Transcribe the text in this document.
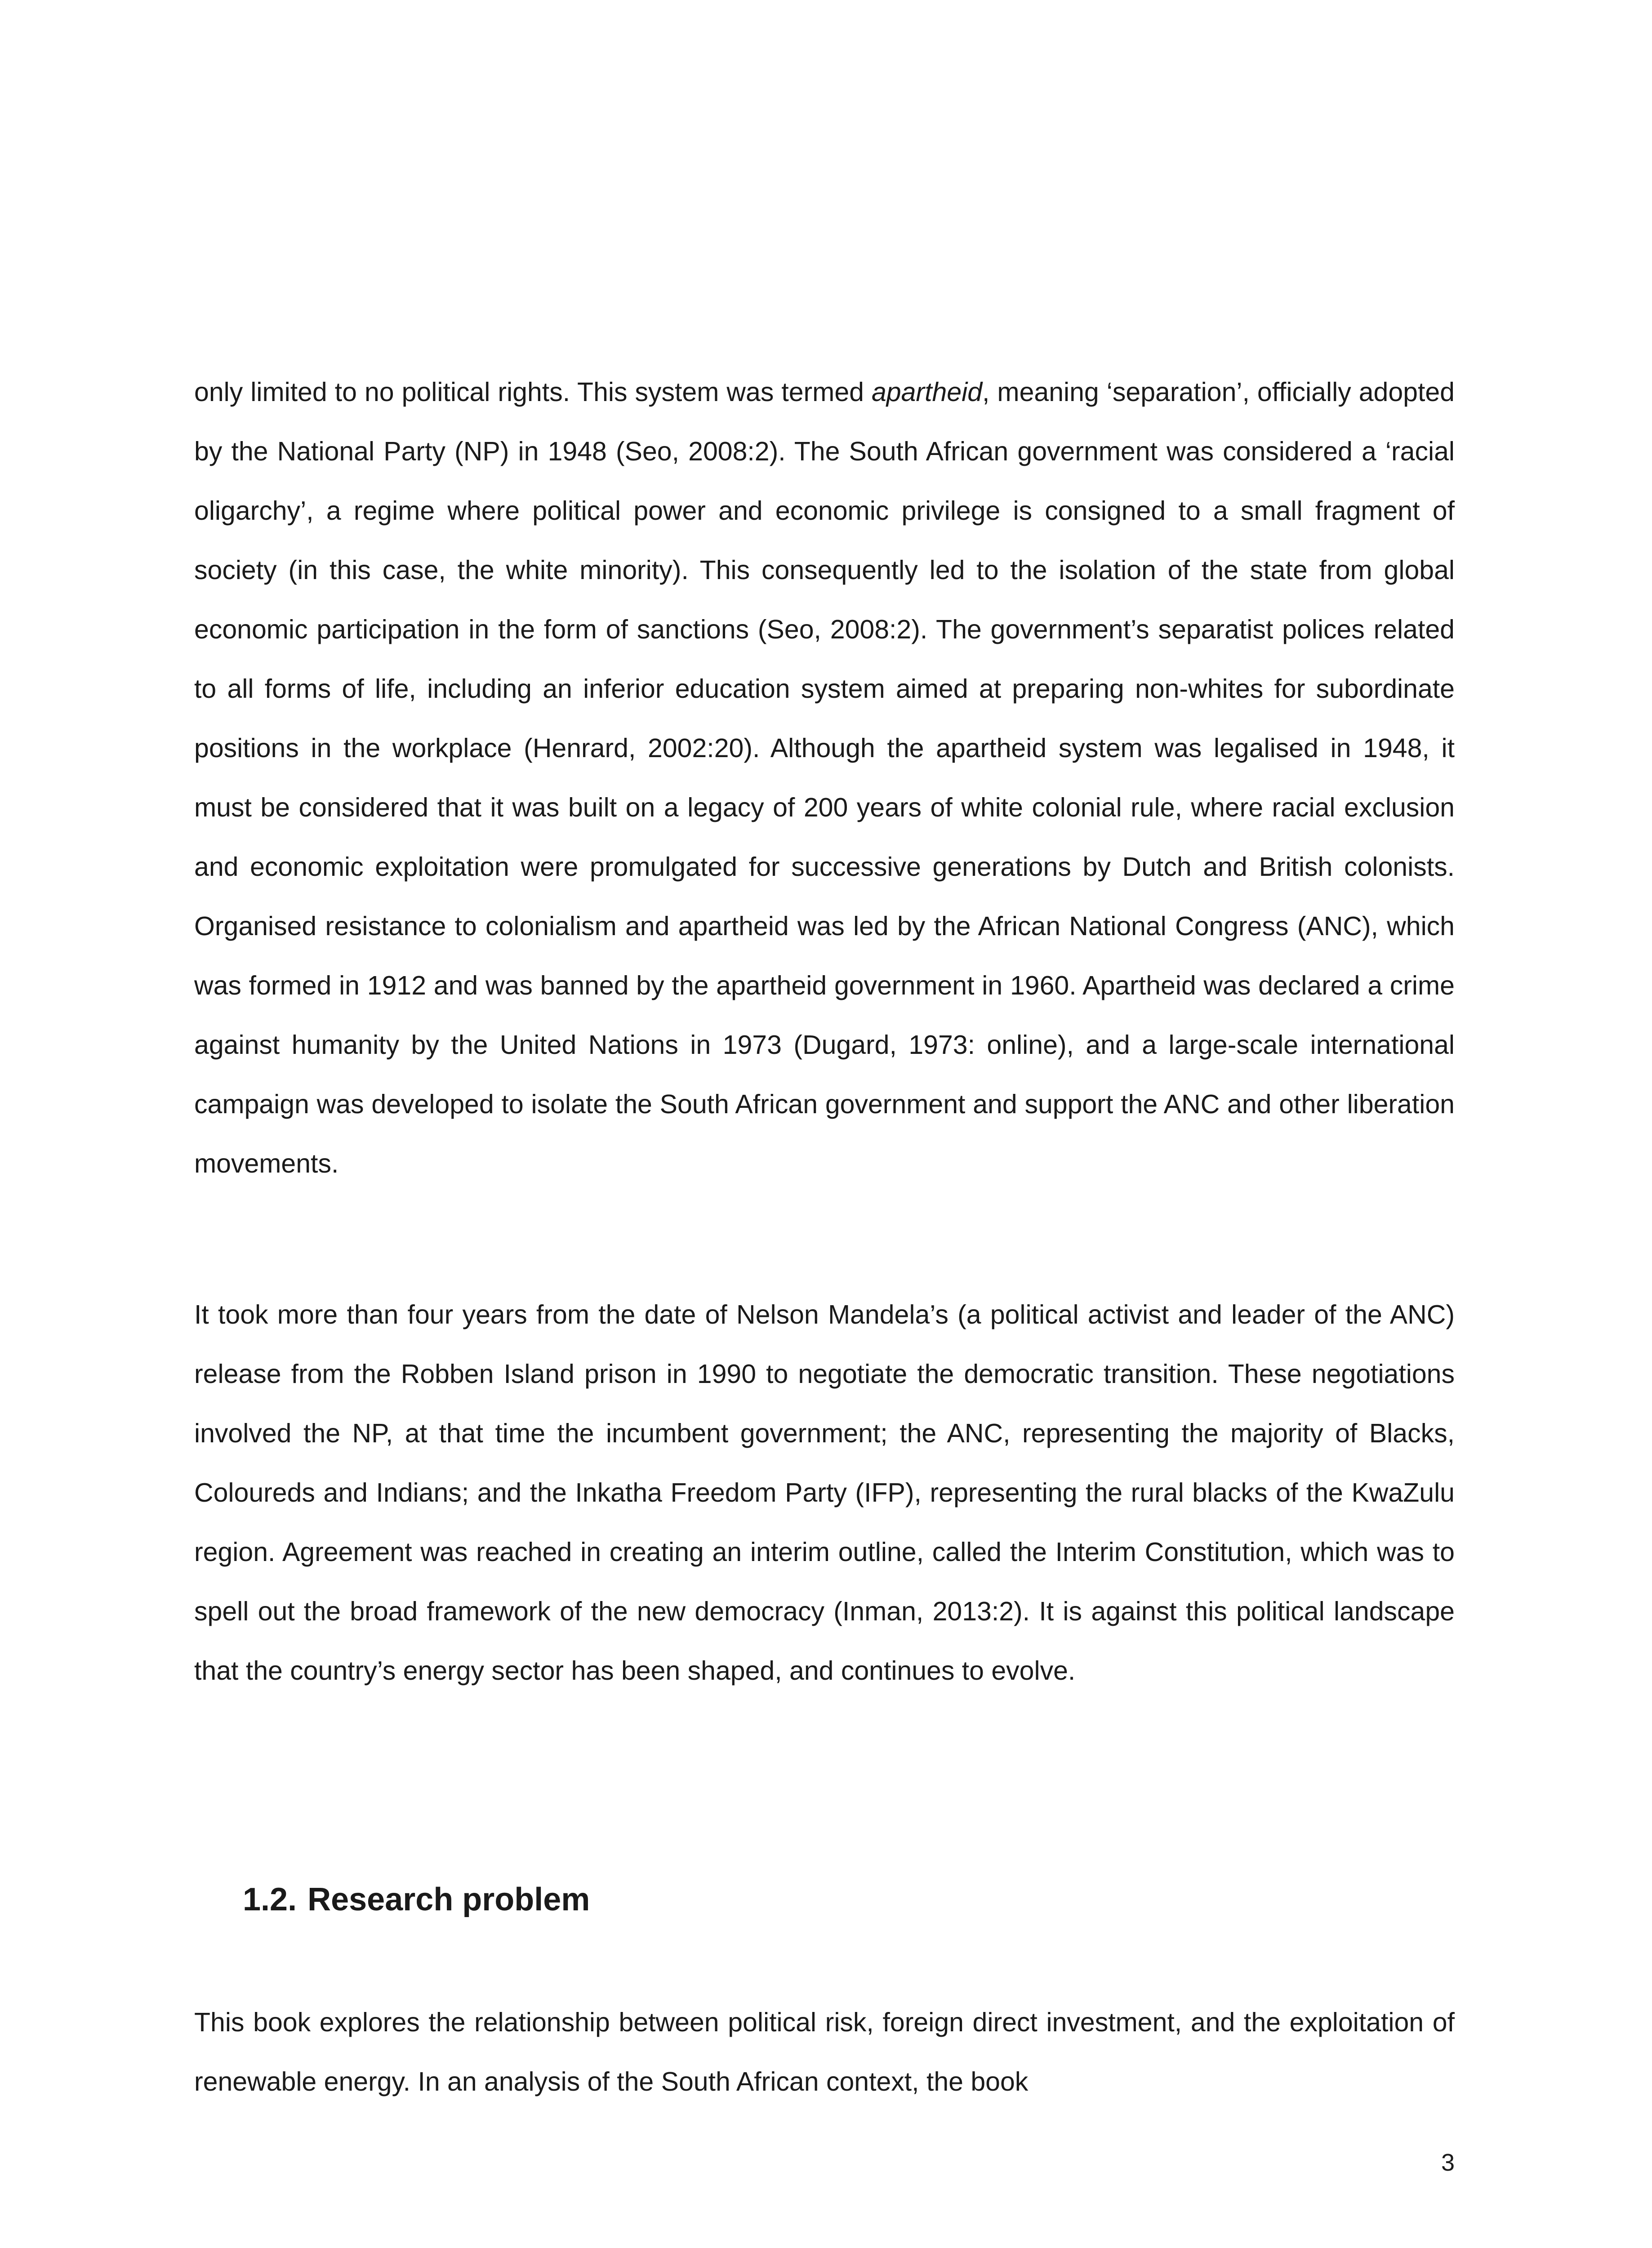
only limited to no political rights. This system was termed apartheid, meaning ‘separation’, officially adopted by the National Party (NP) in 1948 (Seo, 2008:2). The South African government was considered a ‘racial oligarchy’, a regime where political power and economic privilege is consigned to a small fragment of society (in this case, the white minority). This consequently led to the isolation of the state from global economic participation in the form of sanctions (Seo, 2008:2). The government’s separatist polices related to all forms of life, including an inferior education system aimed at preparing non-whites for subordinate positions in the workplace (Henrard, 2002:20). Although the apartheid system was legalised in 1948, it must be considered that it was built on a legacy of 200 years of white colonial rule, where racial exclusion and economic exploitation were promulgated for successive generations by Dutch and British colonists. Organised resistance to colonialism and apartheid was led by the African National Congress (ANC), which was formed in 1912 and was banned by the apartheid government in 1960. Apartheid was declared a crime against humanity by the United Nations in 1973 (Dugard, 1973: online), and a large-scale international campaign was developed to isolate the South African government and support the ANC and other liberation movements.

It took more than four years from the date of Nelson Mandela’s (a political activist and leader of the ANC) release from the Robben Island prison in 1990 to negotiate the democratic transition. These negotiations involved the NP, at that time the incumbent government; the ANC, representing the majority of Blacks, Coloureds and Indians; and the Inkatha Freedom Party (IFP), representing the rural blacks of the KwaZulu region. Agreement was reached in creating an interim outline, called the Interim Constitution, which was to spell out the broad framework of the new democracy (Inman, 2013:2). It is against this political landscape that the country’s energy sector has been shaped, and continues to evolve.

1.2. Research problem

This book explores the relationship between political risk, foreign direct investment, and the exploitation of renewable energy. In an analysis of the South African context, the book

3
